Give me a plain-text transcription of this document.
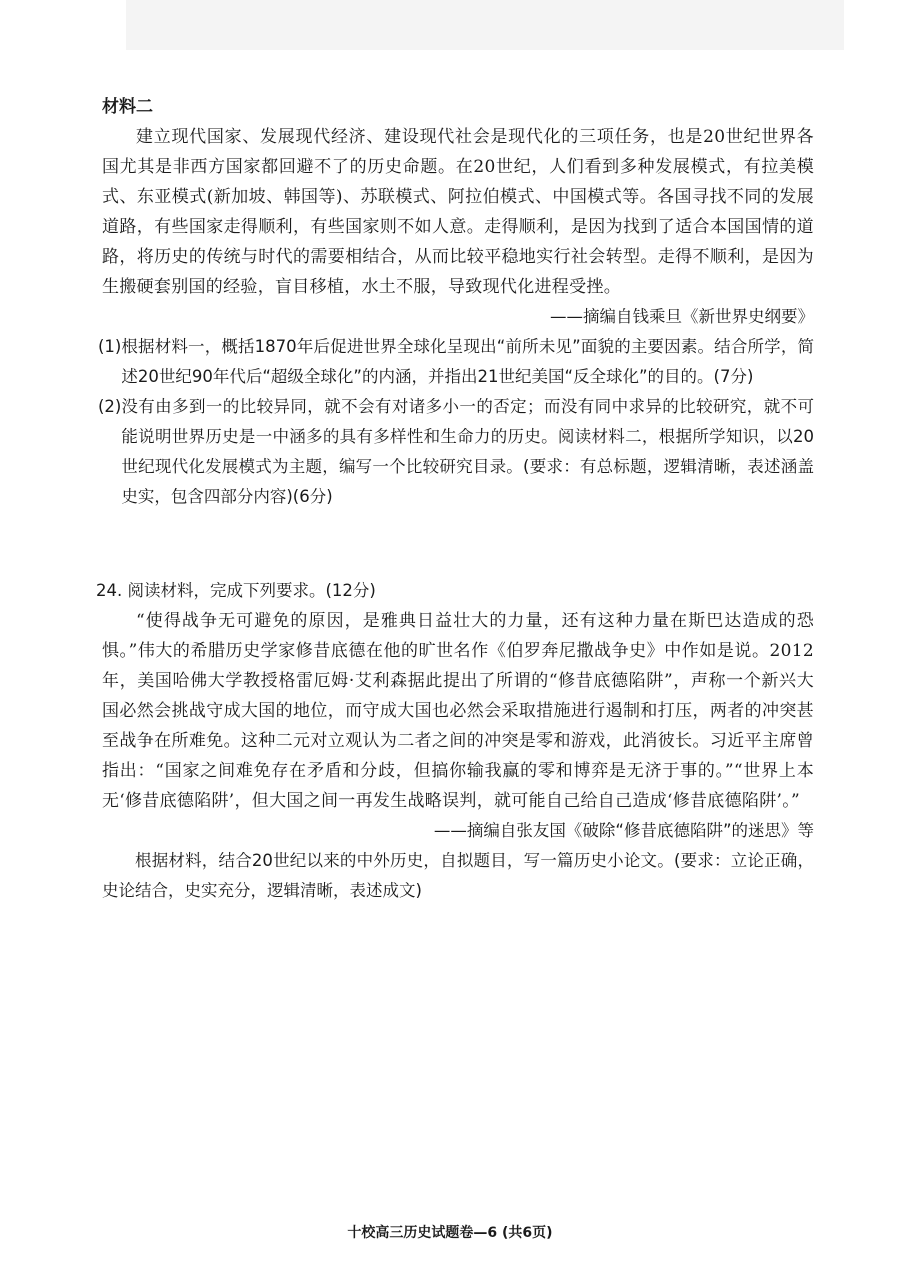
材料二

建立现代国家、发展现代经济、建设现代社会是现代化的三项任务，也是20世纪世界各国尤其是非西方国家都回避不了的历史命题。在20世纪，人们看到多种发展模式，有拉美模式、东亚模式(新加坡、韩国等)、苏联模式、阿拉伯模式、中国模式等。各国寻找不同的发展道路，有些国家走得顺利，有些国家则不如人意。走得顺利，是因为找到了适合本国国情的道路，将历史的传统与时代的需要相结合，从而比较平稳地实行社会转型。走得不顺利，是因为生搬硬套别国的经验，盲目移植，水土不服，导致现代化进程受挫。

——摘编自钱乘旦《新世界史纲要》

(1) 根据材料一，概括1870年后促进世界全球化呈现出“前所未见”面貌的主要因素。结合所学，简述20世纪90年代后“超级全球化”的内涵，并指出21世纪美国“反全球化”的目的。(7分)
(2) 没有由多到一的比较异同，就不会有对诸多小一的否定；而没有同中求异的比较研究，就不可能说明世界历史是一中涵多的具有多样性和生命力的历史。阅读材料二，根据所学知识，以20世纪现代化发展模式为主题，编写一个比较研究目录。(要求：有总标题，逻辑清晰，表述涵盖史实，包含四部分内容)(6分)

24. 阅读材料，完成下列要求。(12分)

“使得战争无可避免的原因，是雅典日益壮大的力量，还有这种力量在斯巴达造成的恐惧。”伟大的希腊历史学家修昔底德在他的旷世名作《伯罗奔尼撒战争史》中作如是说。2012年，美国哈佛大学教授格雷厄姆·艾利森据此提出了所谓的“修昔底德陷阱”，声称一个新兴大国必然会挑战守成大国的地位，而守成大国也必然会采取措施进行遏制和打压，两者的冲突甚至战争在所难免。这种二元对立观认为二者之间的冲突是零和游戏，此消彼长。习近平主席曾指出：“国家之间难免存在矛盾和分歧，但搞你输我赢的零和博弈是无济于事的。”“世界上本无‘修昔底德陷阱’，但大国之间一再发生战略误判，就可能自己给自己造成‘修昔底德陷阱’。”

——摘编自张友国《破除“修昔底德陷阱”的迷思》等

根据材料，结合20世纪以来的中外历史，自拟题目，写一篇历史小论文。(要求：立论正确，史论结合，史实充分，逻辑清晰，表述成文)

十校高三历史试题卷—6 (共6页)
